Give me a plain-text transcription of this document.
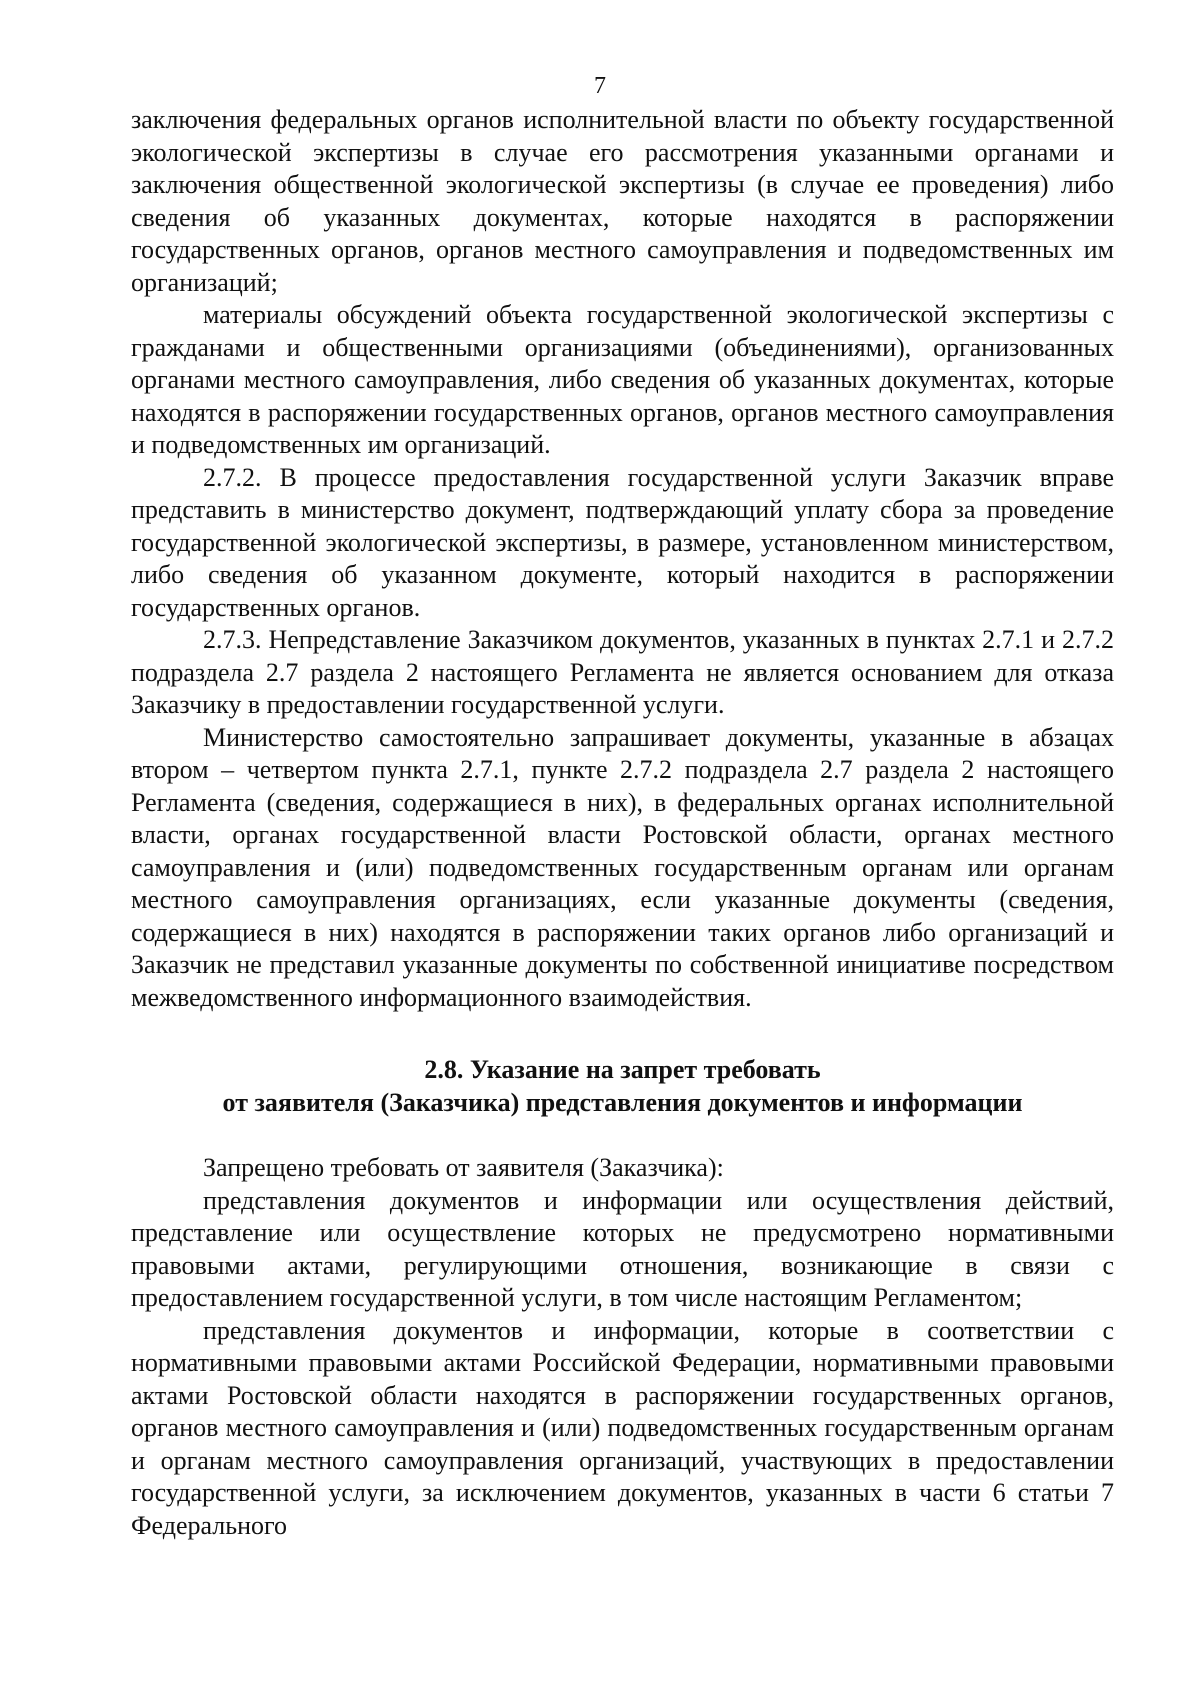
7

заключения федеральных органов исполнительной власти по объекту государственной экологической экспертизы в случае его рассмотрения указанными органами и заключения общественной экологической экспертизы (в случае ее проведения) либо сведения об указанных документах, которые находятся в распоряжении государственных органов, органов местного самоуправления и подведомственных им организаций;

материалы обсуждений объекта государственной экологической экспертизы с гражданами и общественными организациями (объединениями), организованных органами местного самоуправления, либо сведения об указанных документах, которые находятся в распоряжении государственных органов, органов местного самоуправления и подведомственных им организаций.

2.7.2. В процессе предоставления государственной услуги Заказчик вправе представить в министерство документ, подтверждающий уплату сбора за проведение государственной экологической экспертизы, в размере, установленном министерством, либо сведения об указанном документе, который находится в распоряжении государственных органов.

2.7.3. Непредставление Заказчиком документов, указанных в пунктах 2.7.1 и 2.7.2 подраздела 2.7 раздела 2 настоящего Регламента не является основанием для отказа Заказчику в предоставлении государственной услуги.

Министерство самостоятельно запрашивает документы, указанные в абзацах втором – четвертом пункта 2.7.1, пункте 2.7.2 подраздела 2.7 раздела 2 настоящего Регламента (сведения, содержащиеся в них), в федеральных органах исполнительной власти, органах государственной власти Ростовской области, органах местного самоуправления и (или) подведомственных государственным органам или органам местного самоуправления организациях, если указанные документы (сведения, содержащиеся в них) находятся в распоряжении таких органов либо организаций и Заказчик не представил указанные документы по собственной инициативе посредством межведомственного информационного взаимодействия.

2.8. Указание на запрет требовать
от заявителя (Заказчика) представления документов и информации

Запрещено требовать от заявителя (Заказчика):

представления документов и информации или осуществления действий, представление или осуществление которых не предусмотрено нормативными правовыми актами, регулирующими отношения, возникающие в связи с предоставлением государственной услуги, в том числе настоящим Регламентом;

представления документов и информации, которые в соответствии с нормативными правовыми актами Российской Федерации, нормативными правовыми актами Ростовской области находятся в распоряжении государственных органов, органов местного самоуправления и (или) подведомственных государственным органам и органам местного самоуправления организаций, участвующих в предоставлении государственной услуги, за исключением документов, указанных в части 6 статьи 7 Федерального
